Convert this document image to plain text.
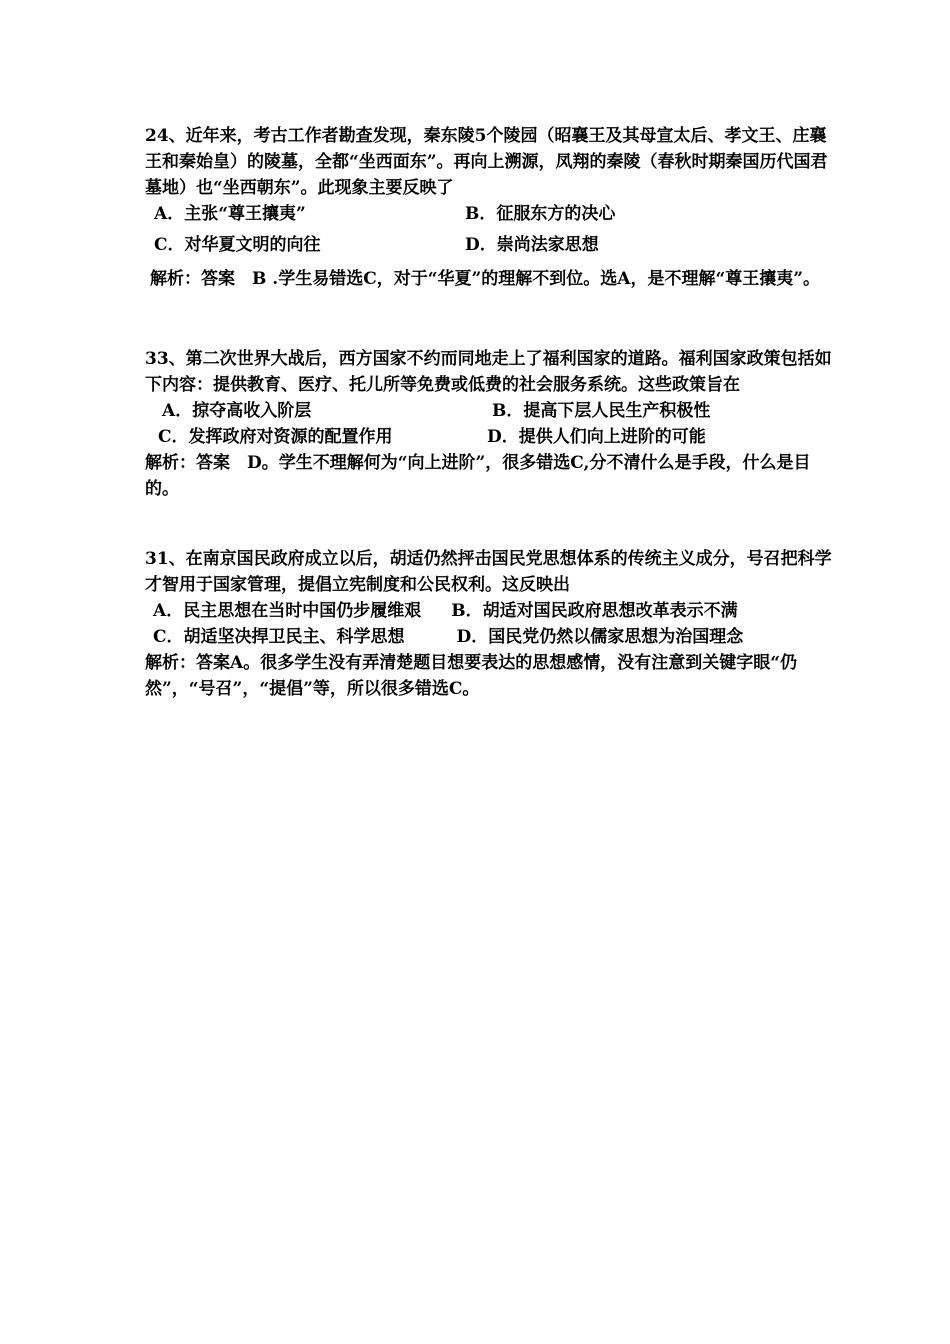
24、近年来，考古工作者勘查发现，秦东陵5个陵园（昭襄王及其母宣太后、孝文王、庄襄王和秦始皇）的陵墓，全都“坐西面东”。再向上溯源，凤翔的秦陵（春秋时期秦国历代国君墓地）也“坐西朝东”。此现象主要反映了

A．主张“尊王攘夷”	B．征服东方的决心
C．对华夏文明的向往	D．崇尚法家思想

解析：答案　B .学生易错选C，对于“华夏”的理解不到位。选A，是不理解“尊王攘夷”。

33、第二次世界大战后，西方国家不约而同地走上了福利国家的道路。福利国家政策包括如下内容：提供教育、医疗、托儿所等免费或低费的社会服务系统。这些政策旨在

A．掠夺高收入阶层	B．提高下层人民生产积极性
C．发挥政府对资源的配置作用	D．提供人们向上进阶的可能

解析：答案　D。学生不理解何为“向上进阶”，很多错选C,分不清什么是手段，什么是目的。

31、在南京国民政府成立以后，胡适仍然抨击国民党思想体系的传统主义成分，号召把科学才智用于国家管理，提倡立宪制度和公民权利。这反映出

A．民主思想在当时中国仍步履维艰 B．胡适对国民政府思想改革表示不满
C．胡适坚决捍卫民主、科学思想	D．国民党仍然以儒家思想为治国理念

解析：答案A。很多学生没有弄清楚题目想要表达的思想感情，没有注意到关键字眼“仍然”，“号召”，“提倡”等，所以很多错选C。
